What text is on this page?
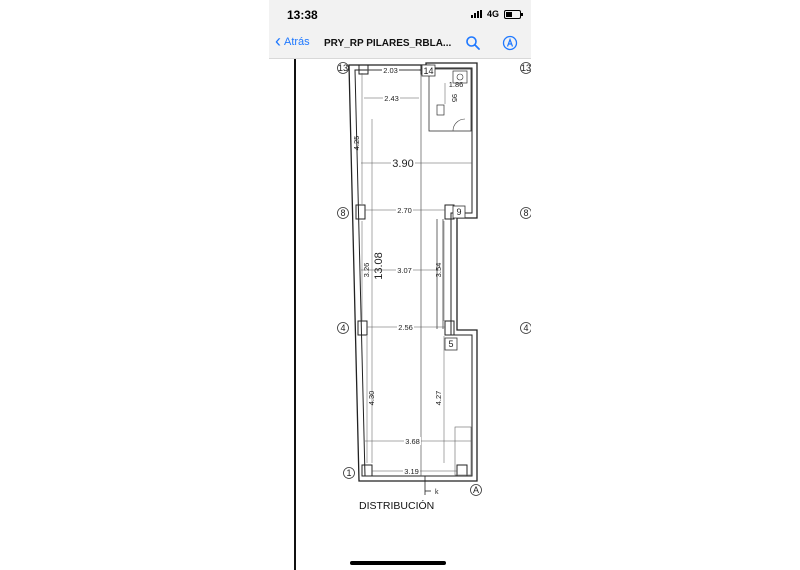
13:38	4G
‹ Atrás PRY_RP PILARES_RBLA...
13	14	13
8	9	8
4
5
4
1
A
2.03
1.86
95
2.43
4.25
3.90
2.70
3.26 13.08 3.07	3.54
2.56
4.30	4.27
3.68
3.19
k
DISTRIBUCIÓN
